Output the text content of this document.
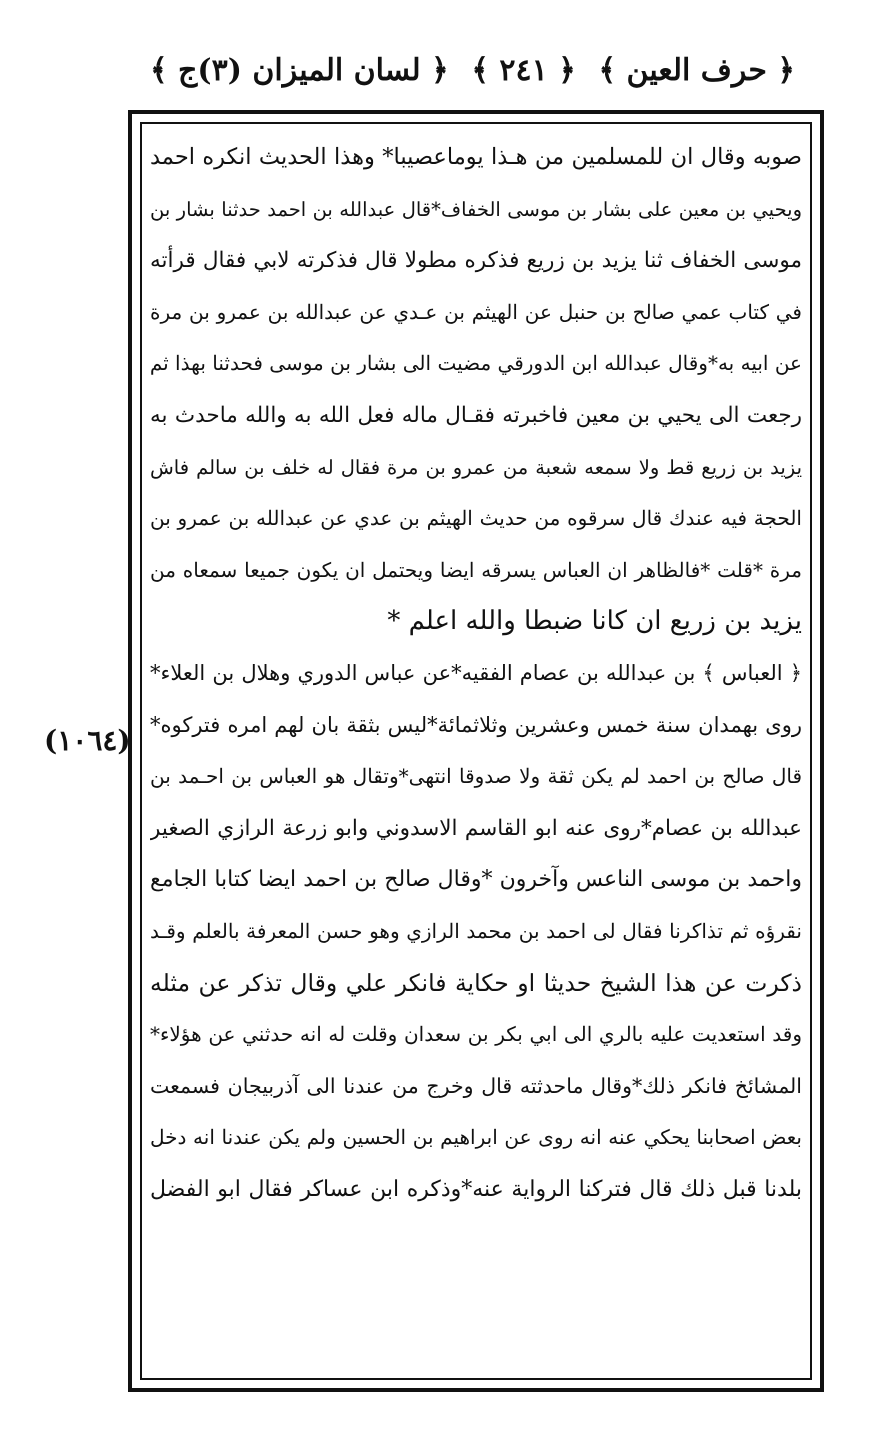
﴿ حرف العين ﴾
﴿ ٢٤١ ﴾
﴿ لسان الميزان (٣)ج ﴾
(١٠٦٤)
صوبه وقال ان للمسلمين من هـذا يوماعصيبا* وهذا الحديث انكره احمد
ويحيي بن معين على بشار بن موسى الخفاف*قال عبدالله بن احمد حدثنا بشار بن
موسى الخفاف ثنا يزيد بن زريع فذكره مطولا قال فذكرته لابي فقال قرأته
في كتاب عمي صالح بن حنبل عن الهيثم بن عـدي عن عبدالله بن عمرو بن مرة
عن ابيه به*وقال عبدالله ابن الدورقي مضيت الى بشار بن موسى فحدثنا بهذا ثم
رجعت الى يحيي بن معين فاخبرته فقـال ماله فعل الله به والله ماحدث به
يزيد بن زريع قط ولا سمعه شعبة من عمرو بن مرة فقال له خلف بن سالم فاش
الحجة فيه عندك قال سرقوه من حديث الهيثم بن عدي عن عبدالله بن عمرو بن
مرة *قلت *فالظاهر ان العباس يسرقه ايضا ويحتمل ان يكون جميعا سمعاه من
يزيد بن زريع ان كانا ضبطا والله اعلم *
﴿ العباس ﴾ بن عبدالله بن عصام الفقيه*عن عباس الدوري وهلال بن العلاء*
روى بهمدان سنة خمس وعشرين وثلاثمائة*ليس بثقة بان لهم امره فتركوه*
قال صالح بن احمد لم يكن ثقة ولا صدوقا انتهى*وتقال هو العباس بن احـمد بن
عبدالله بن عصام*روى عنه ابو القاسم الاسدوني وابو زرعة الرازي الصغير
واحمد بن موسى الناعس وآخرون *وقال صالح بن احمد ايضا كتابا الجامع
نقرؤه ثم تذاكرنا فقال لى احمد بن محمد الرازي وهو حسن المعرفة بالعلم وقـد
ذكرت عن هذا الشيخ حديثا او حكاية فانكر علي وقال تذكر عن مثله
وقد استعديت عليه بالري الى ابي بكر بن سعدان وقلت له انه حدثني عن هؤلاء*
المشائخ فانكر ذلك*وقال ماحدثته قال وخرج من عندنا الى آذربيجان فسمعت
بعض اصحابنا يحكي عنه انه روى عن ابراهيم بن الحسين ولم يكن عندنا انه دخل
بلدنا قبل ذلك قال فتركنا الرواية عنه*وذكره ابن عساكر فقال ابو الفضل
